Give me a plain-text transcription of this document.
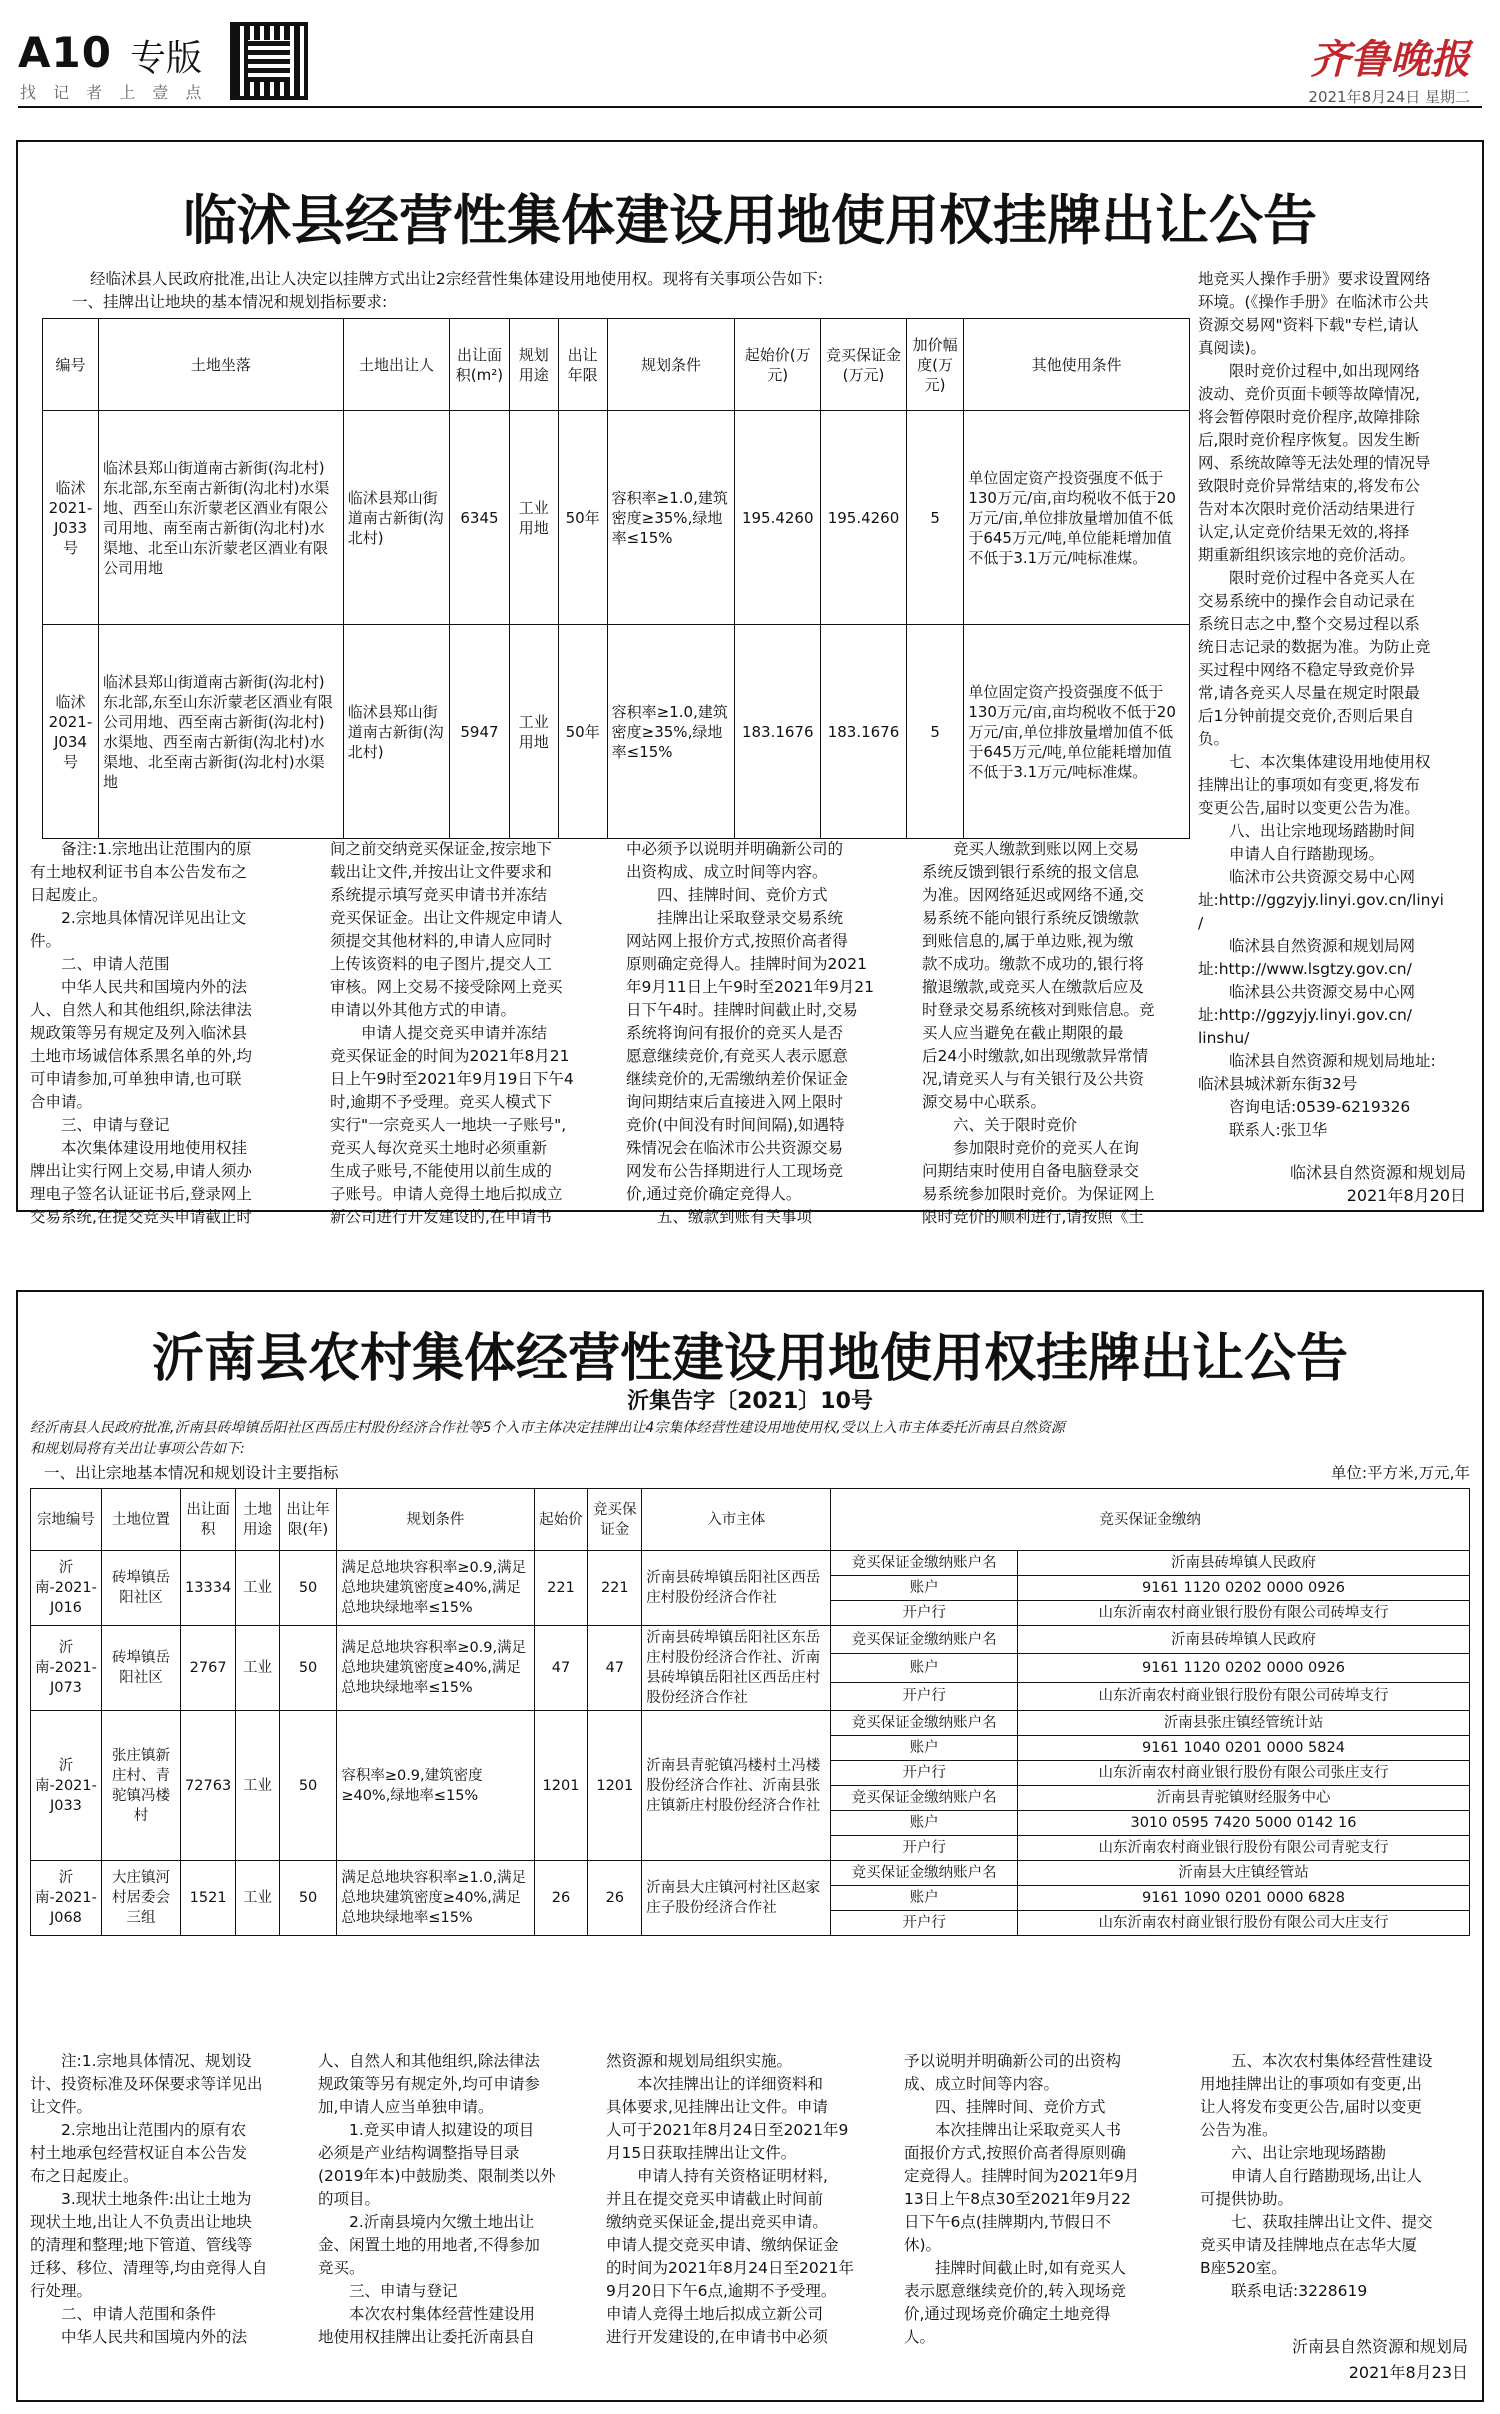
A10 专版
找 记 者 上 壹 点
齐鲁晚报
2021年8月24日 星期二
临沭县经营性集体建设用地使用权挂牌出让公告
经临沭县人民政府批准,出让人决定以挂牌方式出让2宗经营性集体建设用地使用权。现将有关事项公告如下:
一、挂牌出让地块的基本情况和规划指标要求:
编号	土地坐落	土地出让人	出让面积(m²)	规划用途	出让年限	规划条件	起始价(万元)	竞买保证金(万元)	加价幅度(万元)	其他使用条件
临沭2021-J033号	临沭县郑山街道南古新街(沟北村)东北部,东至南古新街(沟北村)水渠地、西至山东沂蒙老区酒业有限公司用地、南至南古新街(沟北村)水渠地、北至山东沂蒙老区酒业有限公司用地	临沭县郑山街道南古新街(沟北村)	6345	工业用地	50年	容积率≥1.0,建筑密度≥35%,绿地率≤15%	195.4260	195.4260	5	单位固定资产投资强度不低于130万元/亩,亩均税收不低于20万元/亩,单位排放量增加值不低于645万元/吨,单位能耗增加值不低于3.1万元/吨标准煤。
临沭2021-J034号	临沭县郑山街道南古新街(沟北村)东北部,东至山东沂蒙老区酒业有限公司用地、西至南古新街(沟北村)水渠地、西至南古新街(沟北村)水渠地、北至南古新街(沟北村)水渠地	临沭县郑山街道南古新街(沟北村)	5947	工业用地	50年	容积率≥1.0,建筑密度≥35%,绿地率≤15%	183.1676	183.1676	5	单位固定资产投资强度不低于130万元/亩,亩均税收不低于20万元/亩,单位排放量增加值不低于645万元/吨,单位能耗增加值不低于3.1万元/吨标准煤。
地竞买人操作手册》要求设置网络
环境。(《操作手册》在临沭市公共
资源交易网"资料下载"专栏,请认
真阅读)。
　　限时竞价过程中,如出现网络
波动、竞价页面卡顿等故障情况,
将会暂停限时竞价程序,故障排除
后,限时竞价程序恢复。因发生断
网、系统故障等无法处理的情况导
致限时竞价异常结束的,将发布公
告对本次限时竞价活动结果进行
认定,认定竞价结果无效的,将择
期重新组织该宗地的竞价活动。
　　限时竞价过程中各竞买人在
交易系统中的操作会自动记录在
系统日志之中,整个交易过程以系
统日志记录的数据为准。为防止竞
买过程中网络不稳定导致竞价异
常,请各竞买人尽量在规定时限最
后1分钟前提交竞价,否则后果自
负。
　　七、本次集体建设用地使用权
挂牌出让的事项如有变更,将发布
变更公告,届时以变更公告为准。
　　八、出让宗地现场踏勘时间
　　申请人自行踏勘现场。
　　临沭市公共资源交易中心网
址:http://ggzyjy.linyi.gov.cn/linyi
/
　　临沭县自然资源和规划局网
址:http://www.lsgtzy.gov.cn/
　　临沭县公共资源交易中心网
址:http://ggzyjy.linyi.gov.cn/
linshu/
　　临沭县自然资源和规划局地址:
临沭县城沭新东街32号
　　咨询电话:0539-6219326
　　联系人:张卫华
　　备注:1.宗地出让范围内的原
有土地权利证书自本公告发布之
日起废止。
　　2.宗地具体情况详见出让文
件。
　　二、申请人范围
　　中华人民共和国境内外的法
人、自然人和其他组织,除法律法
规政策等另有规定及列入临沭县
土地市场诚信体系黑名单的外,均
可申请参加,可单独申请,也可联
合申请。
　　三、申请与登记
　　本次集体建设用地使用权挂
牌出让实行网上交易,申请人须办
理电子签名认证证书后,登录网上
交易系统,在提交竞买申请截止时
间之前交纳竞买保证金,按宗地下
载出让文件,并按出让文件要求和
系统提示填写竞买申请书并冻结
竞买保证金。出让文件规定申请人
须提交其他材料的,申请人应同时
上传该资料的电子图片,提交人工
审核。网上交易不接受除网上竞买
申请以外其他方式的申请。
　　申请人提交竞买申请并冻结
竞买保证金的时间为2021年8月21
日上午9时至2021年9月19日下午4
时,逾期不予受理。竞买人模式下
实行"一宗竞买人一地块一子账号",
竞买人每次竞买土地时必须重新
生成子账号,不能使用以前生成的
子账号。申请人竞得土地后拟成立
新公司进行开发建设的,在申请书
中必须予以说明并明确新公司的
出资构成、成立时间等内容。
　　四、挂牌时间、竞价方式
　　挂牌出让采取登录交易系统
网站网上报价方式,按照价高者得
原则确定竞得人。挂牌时间为2021
年9月11日上午9时至2021年9月21
日下午4时。挂牌时间截止时,交易
系统将询问有报价的竞买人是否
愿意继续竞价,有竞买人表示愿意
继续竞价的,无需缴纳差价保证金
询问期结束后直接进入网上限时
竞价(中间没有时间间隔),如遇特
殊情况会在临沭市公共资源交易
网发布公告择期进行人工现场竞
价,通过竞价确定竞得人。
　　五、缴款到账有关事项
　　竞买人缴款到账以网上交易
系统反馈到银行系统的报文信息
为准。因网络延迟或网络不通,交
易系统不能向银行系统反馈缴款
到账信息的,属于单边账,视为缴
款不成功。缴款不成功的,银行将
撤退缴款,或竞买人在缴款后应及
时登录交易系统核对到账信息。竞
买人应当避免在截止期限的最
后24小时缴款,如出现缴款异常情
况,请竞买人与有关银行及公共资
源交易中心联系。
　　六、关于限时竞价
　　参加限时竞价的竞买人在询
问期结束时使用自备电脑登录交
易系统参加限时竞价。为保证网上
限时竞价的顺利进行,请按照《土
临沭县自然资源和规划局
2021年8月20日
沂南县农村集体经营性建设用地使用权挂牌出让公告
沂集告字〔2021〕10号
经沂南县人民政府批准,沂南县砖埠镇岳阳社区西岳庄村股份经济合作社等5个入市主体决定挂牌出让4宗集体经营性建设用地使用权,受以上入市主体委托沂南县自然资源
和规划局将有关出让事项公告如下:
一、出让宗地基本情况和规划设计主要指标	单位:平方米,万元,年
宗地编号	土地位置	出让面积	土地用途	出让年限(年)	规划条件	起始价	竞买保证金	入市主体	竞买保证金缴纳	
沂南-2021-J016	砖埠镇岳阳社区	13334	工业	50	满足总地块容积率≥0.9,满足总地块建筑密度≥40%,满足总地块绿地率≤15%	221	221	沂南县砖埠镇岳阳社区西岳庄村股份经济合作社	竞买保证金缴纳账户名	沂南县砖埠镇人民政府
									账户	9161 1120 0202 0000 0926
									开户行	山东沂南农村商业银行股份有限公司砖埠支行
沂南-2021-J073	砖埠镇岳阳社区	2767	工业	50	满足总地块容积率≥0.9,满足总地块建筑密度≥40%,满足总地块绿地率≤15%	47	47	沂南县砖埠镇岳阳社区东岳庄村股份经济合作社、沂南县砖埠镇岳阳社区西岳庄村股份经济合作社	竞买保证金缴纳账户名	沂南县砖埠镇人民政府
									账户	9161 1120 0202 0000 0926
									开户行	山东沂南农村商业银行股份有限公司砖埠支行
沂南-2021-J033	张庄镇新庄村、青驼镇冯楼村	72763	工业	50	容积率≥0.9,建筑密度≥40%,绿地率≤15%	1201	1201	沂南县青驼镇冯楼村土冯楼股份经济合作社、沂南县张庄镇新庄村股份经济合作社	竞买保证金缴纳账户名	沂南县张庄镇经管统计站
									账户	9161 1040 0201 0000 5824
									开户行	山东沂南农村商业银行股份有限公司张庄支行
									竞买保证金缴纳账户名	沂南县青驼镇财经服务中心
									账户	3010 0595 7420 5000 0142 16
									开户行	山东沂南农村商业银行股份有限公司青驼支行
沂南-2021-J068	大庄镇河村居委会三组	1521	工业	50	满足总地块容积率≥1.0,满足总地块建筑密度≥40%,满足总地块绿地率≤15%	26	26	沂南县大庄镇河村社区赵家庄子股份经济合作社	竞买保证金缴纳账户名	沂南县大庄镇经管站
									账户	9161 1090 0201 0000 6828
									开户行	山东沂南农村商业银行股份有限公司大庄支行
　　注:1.宗地具体情况、规划设
计、投资标准及环保要求等详见出
让文件。
　　2.宗地出让范围内的原有农
村土地承包经营权证自本公告发
布之日起废止。
　　3.现状土地条件:出让土地为
现状土地,出让人不负责出让地块
的清理和整理;地下管道、管线等
迁移、移位、清理等,均由竞得人自
行处理。
　　二、申请人范围和条件
　　中华人民共和国境内外的法
人、自然人和其他组织,除法律法
规政策等另有规定外,均可申请参
加,申请人应当单独申请。
　　1.竞买申请人拟建设的项目
必须是产业结构调整指导目录
(2019年本)中鼓励类、限制类以外
的项目。
　　2.沂南县境内欠缴土地出让
金、闲置土地的用地者,不得参加
竞买。
　　三、申请与登记
　　本次农村集体经营性建设用
地使用权挂牌出让委托沂南县自
然资源和规划局组织实施。
　　本次挂牌出让的详细资料和
具体要求,见挂牌出让文件。申请
人可于2021年8月24日至2021年9
月15日获取挂牌出让文件。
　　申请人持有关资格证明材料,
并且在提交竞买申请截止时间前
缴纳竞买保证金,提出竞买申请。
申请人提交竞买申请、缴纳保证金
的时间为2021年8月24日至2021年
9月20日下午6点,逾期不予受理。
申请人竞得土地后拟成立新公司
进行开发建设的,在申请书中必须
予以说明并明确新公司的出资构
成、成立时间等内容。
　　四、挂牌时间、竞价方式
　　本次挂牌出让采取竞买人书
面报价方式,按照价高者得原则确
定竞得人。挂牌时间为2021年9月
13日上午8点30至2021年9月22
日下午6点(挂牌期内,节假日不
休)。
　　挂牌时间截止时,如有竞买人
表示愿意继续竞价的,转入现场竞
价,通过现场竞价确定土地竞得
人。
　　五、本次农村集体经营性建设
用地挂牌出让的事项如有变更,出
让人将发布变更公告,届时以变更
公告为准。
　　六、出让宗地现场踏勘
　　申请人自行踏勘现场,出让人
可提供协助。
　　七、获取挂牌出让文件、提交
竞买申请及挂牌地点在志华大厦
B座520室。
　　联系电话:3228619
沂南县自然资源和规划局
2021年8月23日
